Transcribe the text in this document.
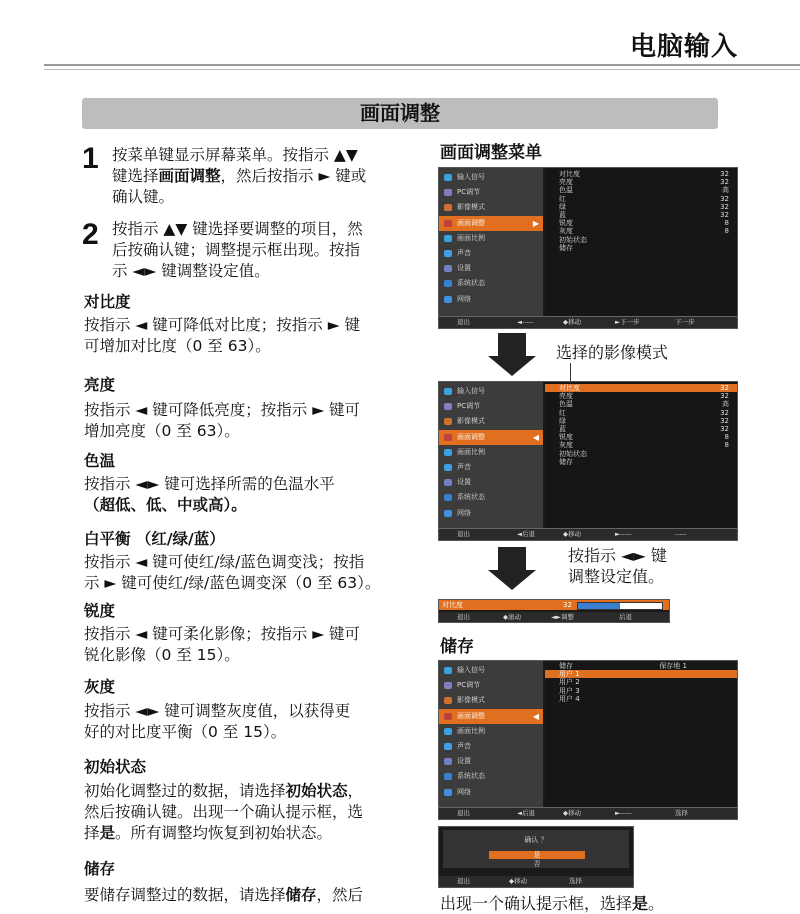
电脑输入
画面调整
1 按菜单键显示屏幕菜单。按指示 ▲▼
键选择画面调整，然后按指示 ► 键或
确认键。
2 按指示 ▲▼ 键选择要调整的项目，然
后按确认键；调整提示框出现。按指
示 ◄► 键调整设定值。
对比度
按指示 ◄ 键可降低对比度；按指示 ► 键
可增加对比度（0 至 63）。
亮度
按指示 ◄ 键可降低亮度；按指示 ► 键可
增加亮度（0 至 63）。
色温
按指示 ◄► 键可选择所需的色温水平
（超低、低、中或高）。
白平衡 （红/绿/蓝）
按指示 ◄ 键可使红/绿/蓝色调变浅；按指
示 ► 键可使红/绿/蓝色调变深（0 至 63）。
锐度
按指示 ◄ 键可柔化影像；按指示 ► 键可
锐化影像（0 至 15）。
灰度
按指示 ◄► 键可调整灰度值，以获得更
好的对比度平衡（0 至 15）。
初始状态
初始化调整过的数据，请选择初始状态，
然后按确认键。出现一个确认提示框，选
择是。所有调整均恢复到初始状态。
储存
要储存调整过的数据，请选择储存，然后
画面调整菜单
输入信号
PC调节
影像模式
画面调整	▶
画面比例
声音
设置
系统状态
网络
对比度	32
亮度	32
色温	高
红	32
绿	32
蓝	32
锐度	8
灰度	8
初始状态
储存
退出	◄-----	◆移动	►下一步	下一步
选择的影像模式
输入信号
PC调节
影像模式
画面调整	◀
画面比例
声音
设置
系统状态
网络
对比度	32
亮度	32
色温	高
红	32
绿	32
蓝	32
锐度	8
灰度	8
初始状态
储存
退出	◄后退	◆移动	►-----	-----
按指示 ◄► 键
调整设定值。
对比度	32
退出	◆滚动	◄►调整	后退
储存
输入信号
PC调节
影像模式
画面调整	◀
画面比例
声音
设置
系统状态
网络
储存	保存地 1
用户 1
用户 2
用户 3
用户 4
退出	◄后退	◆移动	►-----	选择
确认 ？
是
否
退出	◆移动	选择
出现一个确认提示框，选择是。
